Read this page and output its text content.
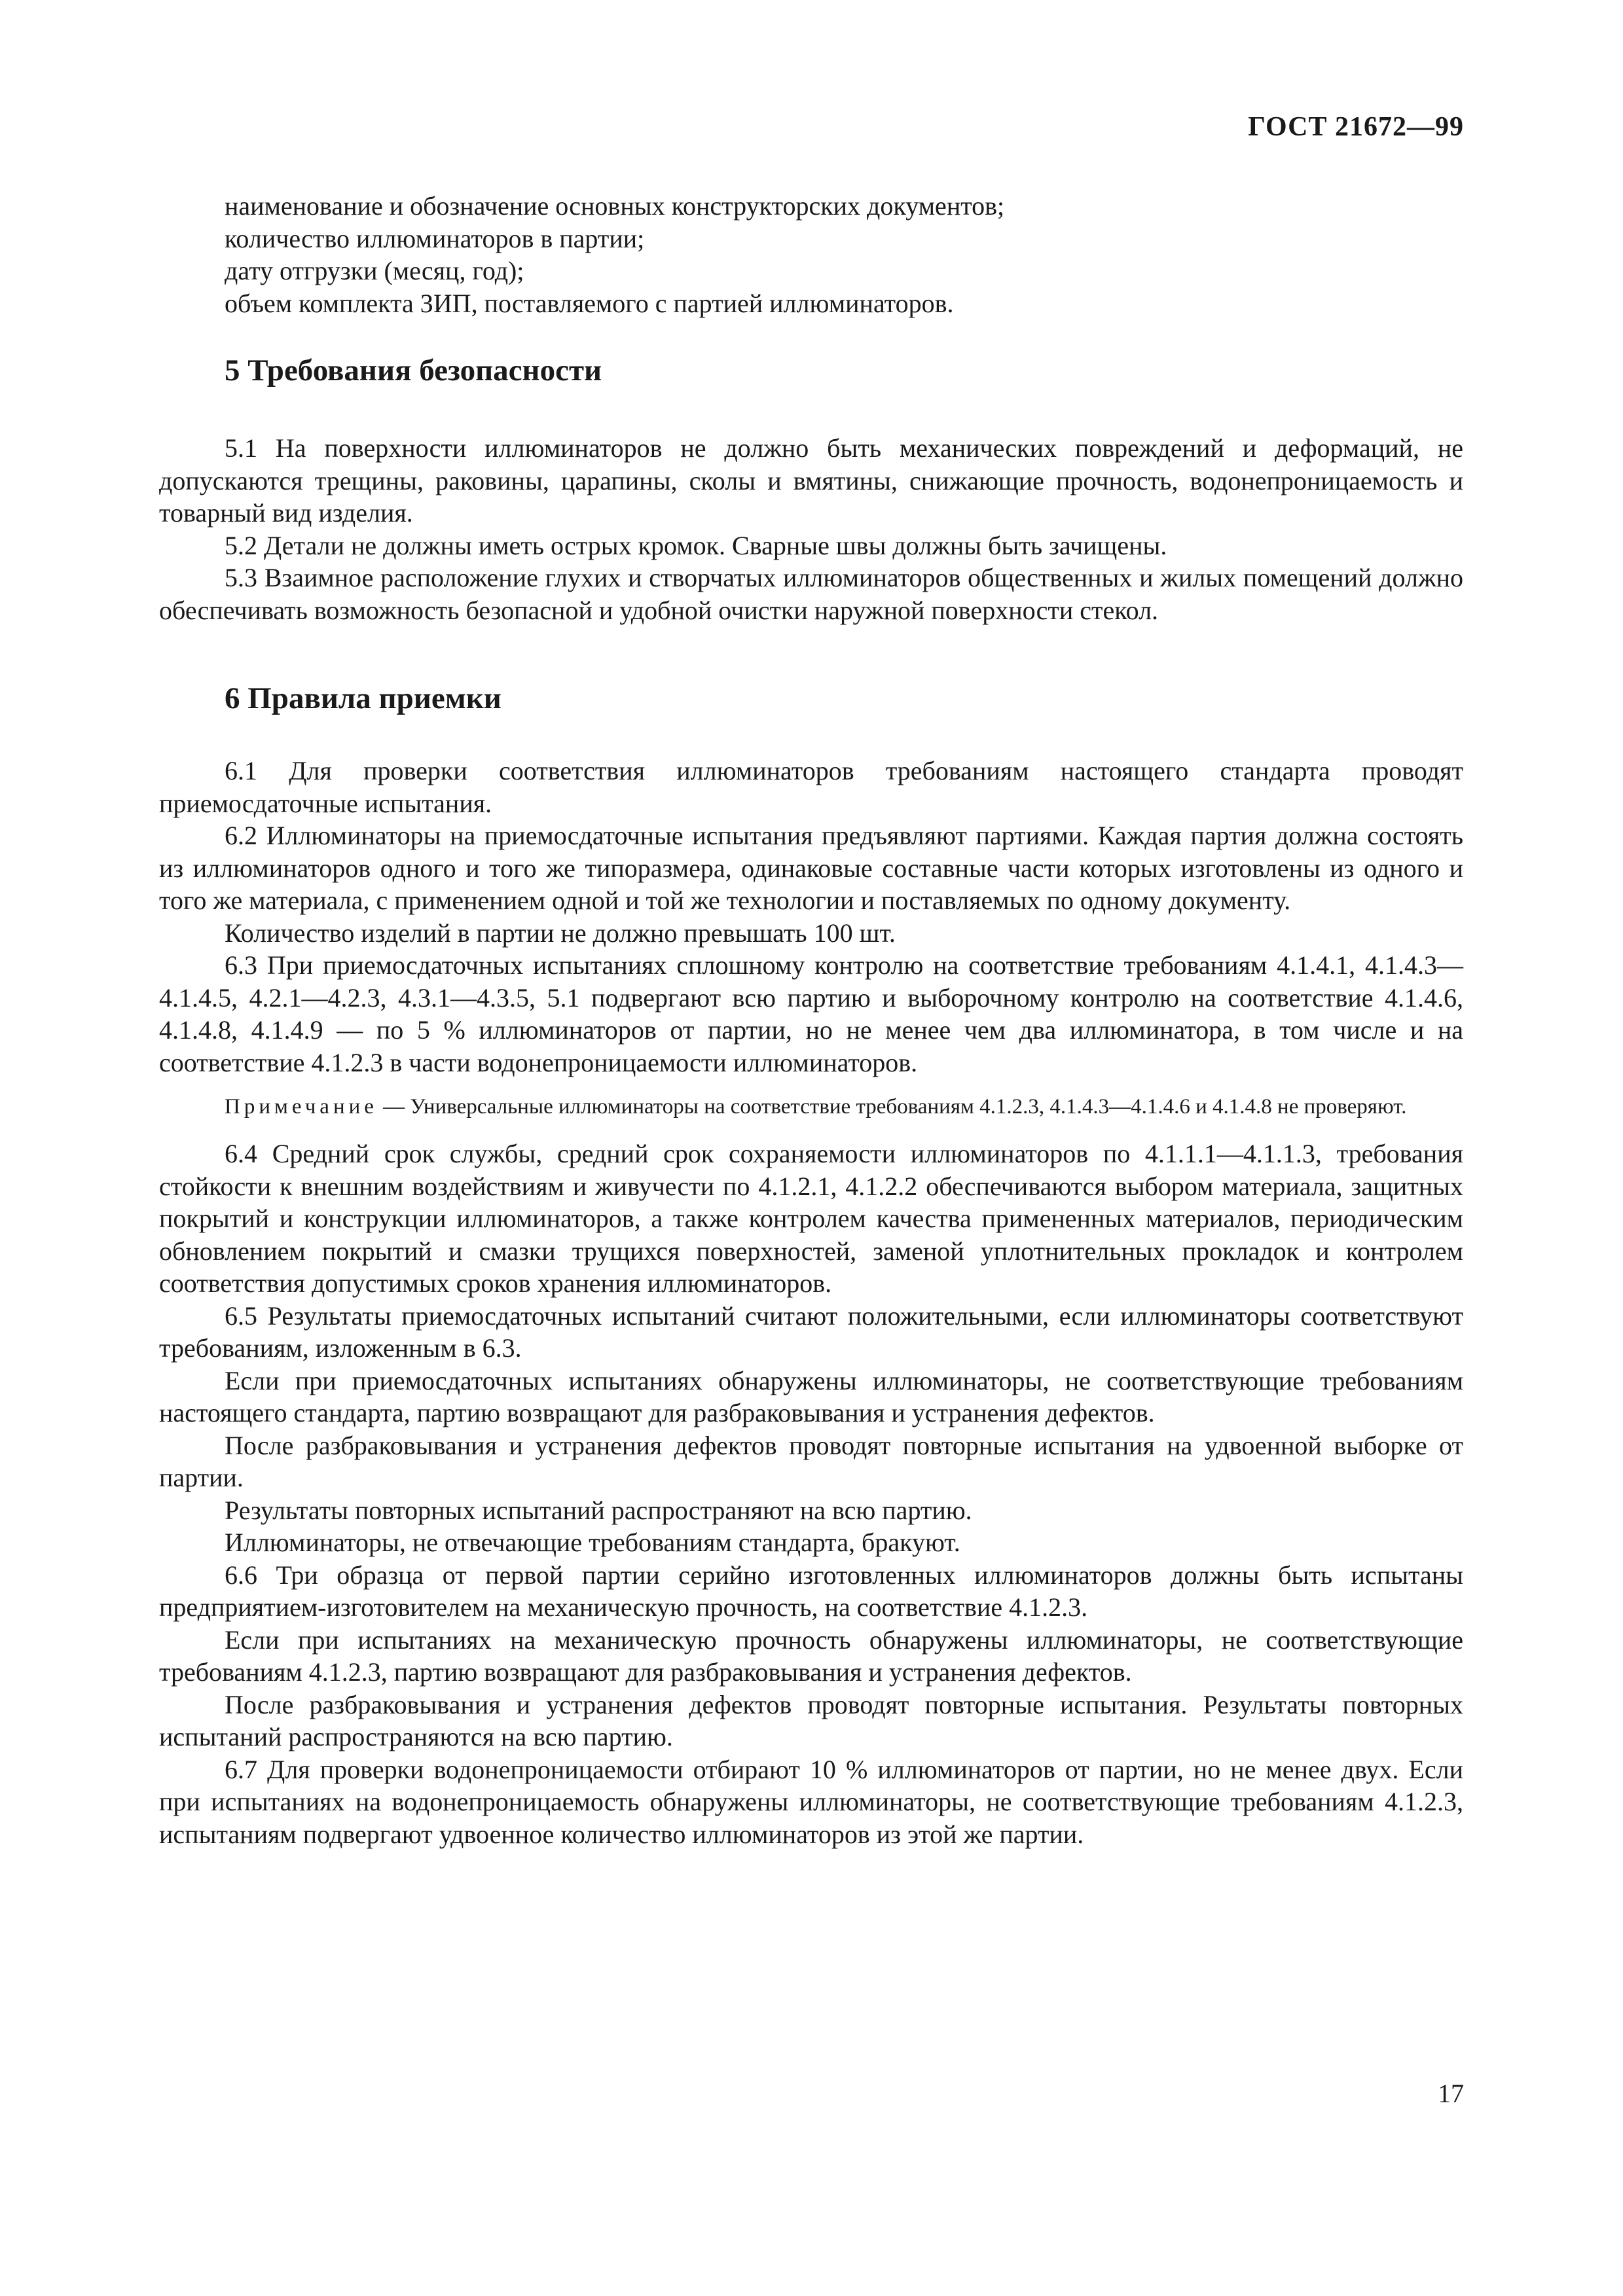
ГОСТ 21672—99

наименование и обозначение основных конструкторских документов;

количество иллюминаторов в партии;

дату отгрузки (месяц, год);

объем комплекта ЗИП, поставляемого с партией иллюминаторов.

5 Требования безопасности

5.1 На поверхности иллюминаторов не должно быть механических повреждений и деформаций, не допускаются трещины, раковины, царапины, сколы и вмятины, снижающие прочность, водонепроницаемость и товарный вид изделия.

5.2 Детали не должны иметь острых кромок. Сварные швы должны быть зачищены.

5.3 Взаимное расположение глухих и створчатых иллюминаторов общественных и жилых помещений должно обеспечивать возможность безопасной и удобной очистки наружной поверхности стекол.

6 Правила приемки

6.1 Для проверки соответствия иллюминаторов требованиям настоящего стандарта проводят приемосдаточные испытания.

6.2 Иллюминаторы на приемосдаточные испытания предъявляют партиями. Каждая партия должна состоять из иллюминаторов одного и того же типоразмера, одинаковые составные части которых изготовлены из одного и того же материала, с применением одной и той же технологии и поставляемых по одному документу.

Количество изделий в партии не должно превышать 100 шт.

6.3 При приемосдаточных испытаниях сплошному контролю на соответствие требованиям 4.1.4.1, 4.1.4.3—4.1.4.5, 4.2.1—4.2.3, 4.3.1—4.3.5, 5.1 подвергают всю партию и выборочному контролю на соответствие 4.1.4.6, 4.1.4.8, 4.1.4.9 — по 5 % иллюминаторов от партии, но не менее чем два иллюминатора, в том числе и на соответствие 4.1.2.3 в части водонепроницаемости иллюминаторов.

Примечание — Универсальные иллюминаторы на соответствие требованиям 4.1.2.3, 4.1.4.3—4.1.4.6 и 4.1.4.8 не проверяют.

6.4 Средний срок службы, средний срок сохраняемости иллюминаторов по 4.1.1.1—4.1.1.3, требования стойкости к внешним воздействиям и живучести по 4.1.2.1, 4.1.2.2 обеспечиваются выбором материала, защитных покрытий и конструкции иллюминаторов, а также контролем качества примененных материалов, периодическим обновлением покрытий и смазки трущихся поверхностей, заменой уплотнительных прокладок и контролем соответствия допустимых сроков хранения иллюминаторов.

6.5 Результаты приемосдаточных испытаний считают положительными, если иллюминаторы соответствуют требованиям, изложенным в 6.3.

Если при приемосдаточных испытаниях обнаружены иллюминаторы, не соответствующие требованиям настоящего стандарта, партию возвращают для разбраковывания и устранения дефектов.

После разбраковывания и устранения дефектов проводят повторные испытания на удвоенной выборке от партии.

Результаты повторных испытаний распространяют на всю партию.

Иллюминаторы, не отвечающие требованиям стандарта, бракуют.

6.6 Три образца от первой партии серийно изготовленных иллюминаторов должны быть испытаны предприятием-изготовителем на механическую прочность, на соответствие 4.1.2.3.

Если при испытаниях на механическую прочность обнаружены иллюминаторы, не соответствующие требованиям 4.1.2.3, партию возвращают для разбраковывания и устранения дефектов.

После разбраковывания и устранения дефектов проводят повторные испытания. Результаты повторных испытаний распространяются на всю партию.

6.7 Для проверки водонепроницаемости отбирают 10 % иллюминаторов от партии, но не менее двух. Если при испытаниях на водонепроницаемость обнаружены иллюминаторы, не соответствующие требованиям 4.1.2.3, испытаниям подвергают удвоенное количество иллюминаторов из этой же партии.

17
